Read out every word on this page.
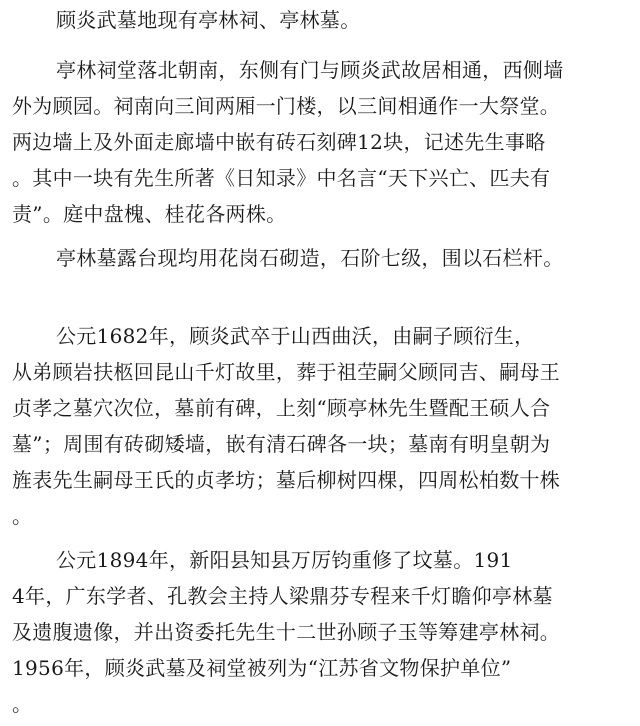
顾炎武墓地现有亭林祠、亭林墓。

亭林祠堂落北朝南，东侧有门与顾炎武故居相通，西侧墙
外为顾园。祠南向三间两厢一门楼，以三间相通作一大祭堂。
两边墙上及外面走廊墙中嵌有砖石刻碑12块，记述先生事略
。其中一块有先生所著《日知录》中名言“天下兴亡、匹夫有
责”。庭中盘槐、桂花各两株。

亭林墓露台现均用花岗石砌造，石阶七级，围以石栏杆。

公元1682年，顾炎武卒于山西曲沃，由嗣子顾衍生，
从弟顾岩扶柩回昆山千灯故里，葬于祖茔嗣父顾同吉、嗣母王
贞孝之墓穴次位，墓前有碑，上刻“顾亭林先生暨配王硕人合
墓”；周围有砖砌矮墙，嵌有清石碑各一块；墓南有明皇朝为
旌表先生嗣母王氏的贞孝坊；墓后柳树四棵，四周松柏数十株
。

公元1894年，新阳县知县万厉钧重修了坟墓。191
4年，广东学者、孔教会主持人梁鼎芬专程来千灯瞻仰亭林墓
及遗腹遗像，并出资委托先生十二世孙顾子玉等筹建亭林祠。
1956年，顾炎武墓及祠堂被列为“江苏省文物保护单位”
。
